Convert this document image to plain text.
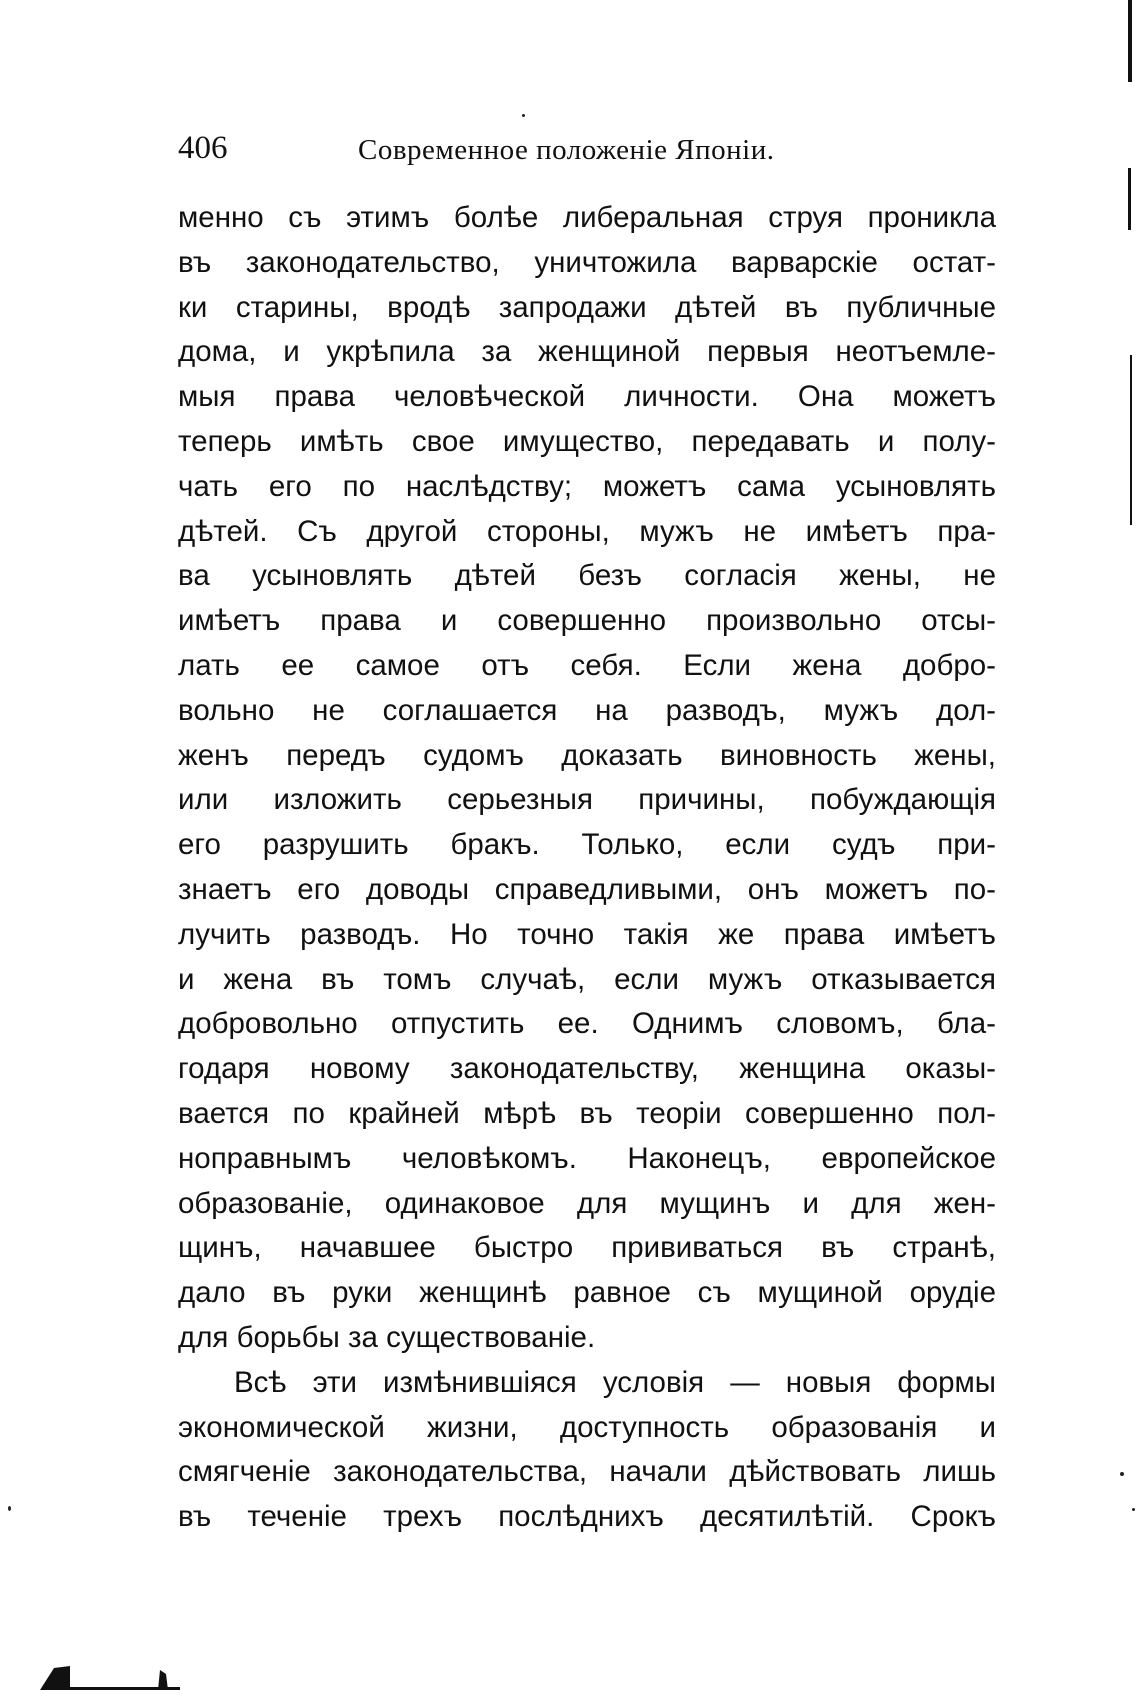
406	Современное положеніе Японіи.
менно съ этимъ болѣе либеральная струя проникла
въ законодательство, уничтожила варварскіе остат-
ки старины, вродѣ запродажи дѣтей въ публичные
дома, и укрѣпила за женщиной первыя неотъемле-
мыя права человѣческой личности. Она можетъ
теперь имѣть свое имущество, передавать и полу-
чать его по наслѣдству; можетъ сама усыновлять
дѣтей. Съ другой стороны, мужъ не имѣетъ пра-
ва усыновлять дѣтей безъ согласія жены, не
имѣетъ права и совершенно произвольно отсы-
лать ее самое отъ себя. Если жена добро-
вольно не соглашается на разводъ, мужъ дол-
женъ передъ судомъ доказать виновность жены,
или изложить серьезныя причины, побуждающія
его разрушить бракъ. Только, если судъ при-
знаетъ его доводы справедливыми, онъ можетъ по-
лучить разводъ. Но точно такія же права имѣетъ
и жена въ томъ случаѣ, если мужъ отказывается
добровольно отпустить ее. Однимъ словомъ, бла-
годаря новому законодательству, женщина оказы-
вается по крайней мѣрѣ въ теоріи совершенно пол-
ноправнымъ человѣкомъ. Наконецъ, европейское
образованіе, одинаковое для мущинъ и для жен-
щинъ, начавшее быстро прививаться въ странѣ,
дало въ руки женщинѣ равное съ мущиной орудіе
для борьбы за существованіе.
Всѣ эти измѣнившіяся условія — новыя формы
экономической жизни, доступность образованія и
смягченіе законодательства, начали дѣйствовать лишь
въ теченіе трехъ послѣднихъ десятилѣтій. Срокъ
